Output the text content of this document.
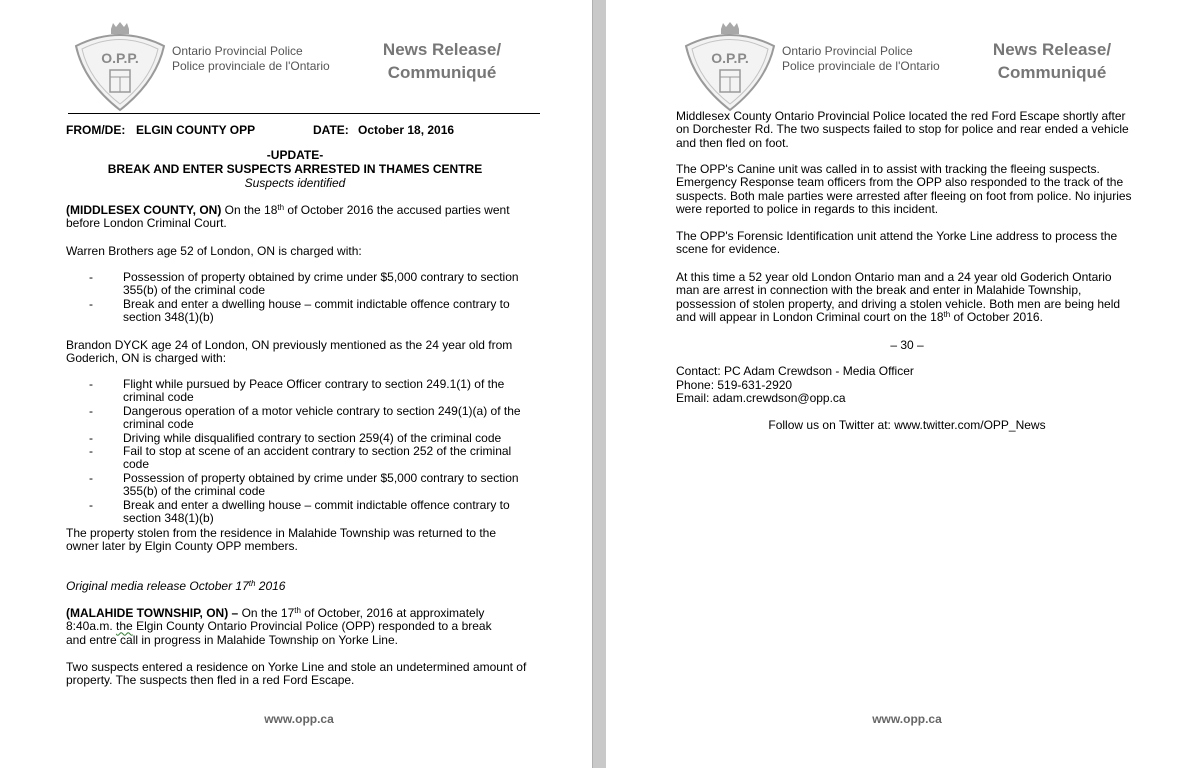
O.P.P.	Ontario Provincial Police
Police provinciale de l'Ontario
News Release/
Communiqué
FROM/DE: ELGIN COUNTY OPP	DATE: October 18, 2016
-UPDATE-
BREAK AND ENTER SUSPECTS ARRESTED IN THAMES CENTRE
Suspects identified

(MIDDLESEX COUNTY, ON) On the 18th of October 2016 the accused parties went before London Criminal Court.

Warren Brothers age 52 of London, ON is charged with:

-	Possession of property obtained by crime under $5,000 contrary to section 355(b) of the criminal code
-	Break and enter a dwelling house – commit indictable offence contrary to section 348(1)(b)

Brandon DYCK age 24 of London, ON previously mentioned as the 24 year old from Goderich, ON is charged with:

-	Flight while pursued by Peace Officer contrary to section 249.1(1) of the criminal code
-	Dangerous operation of a motor vehicle contrary to section 249(1)(a) of the criminal code
-	Driving while disqualified contrary to section 259(4) of the criminal code
-	Fail to stop at scene of an accident contrary to section 252 of the criminal code
-	Possession of property obtained by crime under $5,000 contrary to section 355(b) of the criminal code
-	Break and enter a dwelling house – commit indictable offence contrary to section 348(1)(b)

The property stolen from the residence in Malahide Township was returned to the owner later by Elgin County OPP members.

Original media release October 17th 2016

(MALAHIDE TOWNSHIP, ON) – On the 17th of October, 2016 at approximately 8:40a.m. the Elgin County Ontario Provincial Police (OPP) responded to a break and entre call in progress in Malahide Township on Yorke Line.

Two suspects entered a residence on Yorke Line and stole an undetermined amount of property. The suspects then fled in a red Ford Escape.

www.opp.ca
O.P.P.	Ontario Provincial Police
Police provinciale de l'Ontario
News Release/
Communiqué

Middlesex County Ontario Provincial Police located the red Ford Escape shortly after on Dorchester Rd. The two suspects failed to stop for police and rear ended a vehicle and then fled on foot.

The OPP's Canine unit was called in to assist with tracking the fleeing suspects. Emergency Response team officers from the OPP also responded to the track of the suspects. Both male parties were arrested after fleeing on foot from police. No injuries were reported to police in regards to this incident.

The OPP's Forensic Identification unit attend the Yorke Line address to process the scene for evidence.

At this time a 52 year old London Ontario man and a 24 year old Goderich Ontario man are arrest in connection with the break and enter in Malahide Township, possession of stolen property, and driving a stolen vehicle. Both men are being held and will appear in London Criminal court on the 18th of October 2016.

– 30 –
Contact: PC Adam Crewdson - Media Officer
Phone: 519-631-2920
Email: adam.crewdson@opp.ca
Follow us on Twitter at: www.twitter.com/OPP_News
www.opp.ca
